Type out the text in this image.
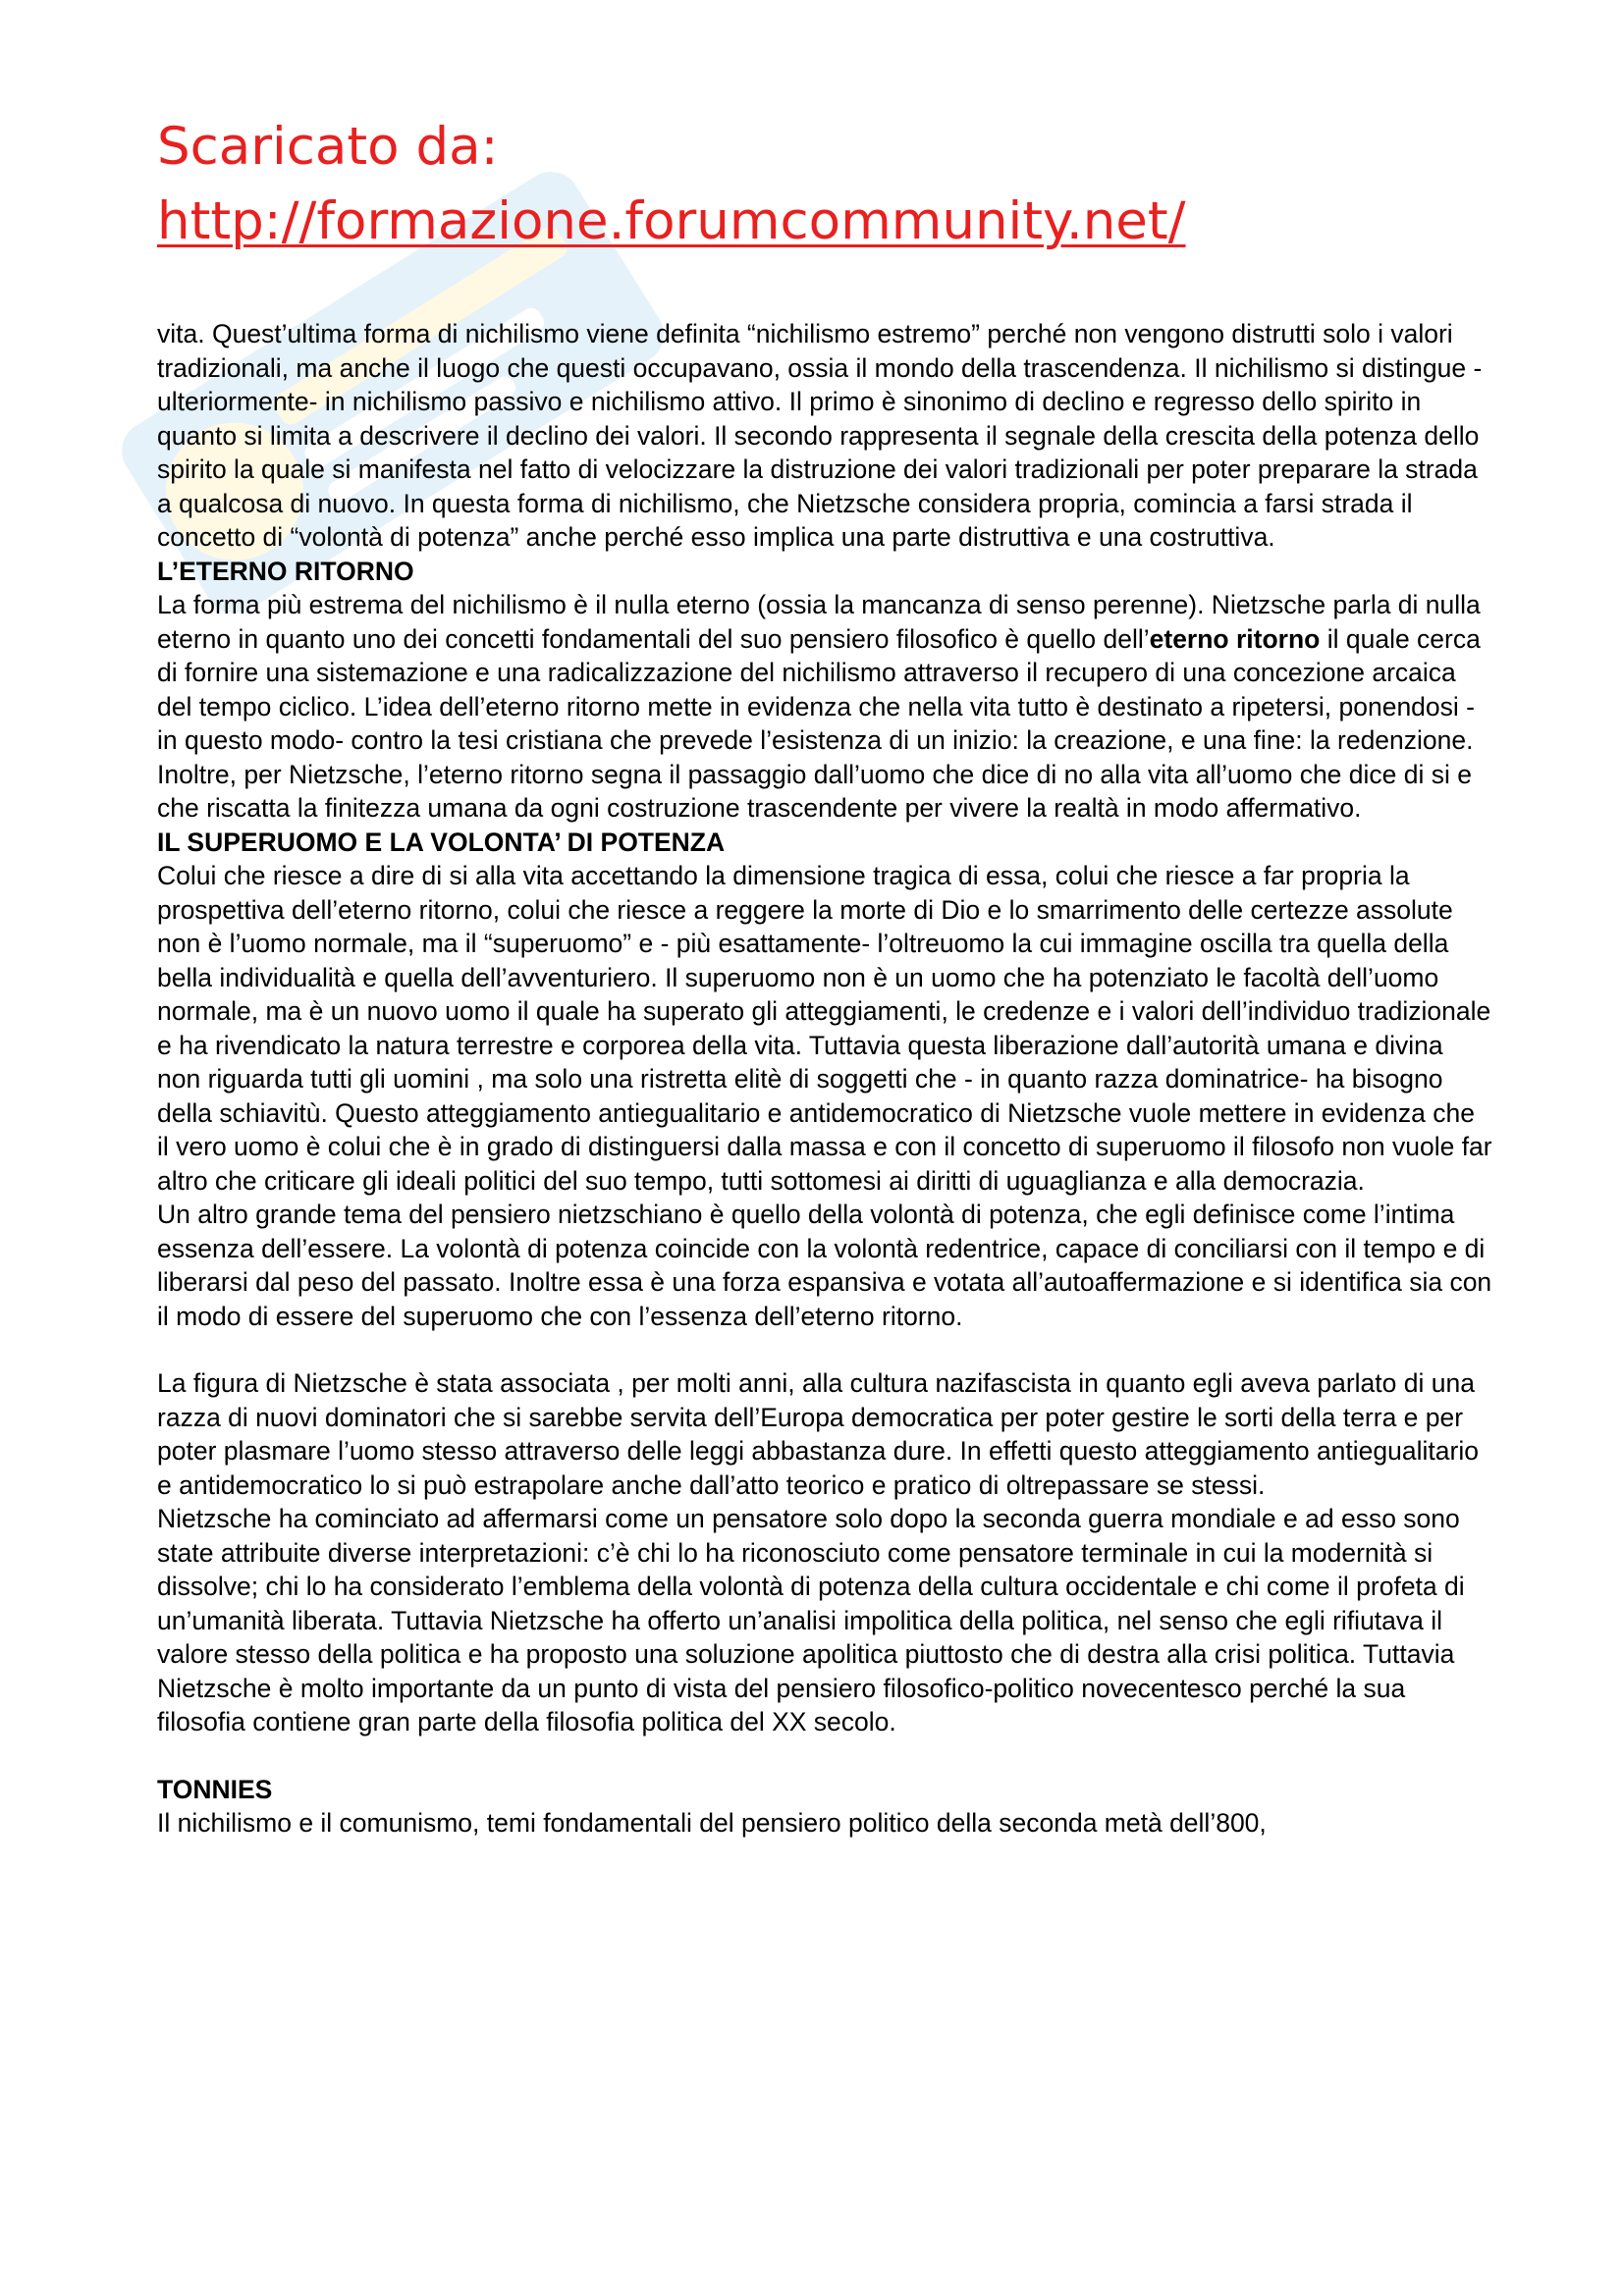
Scaricato da:
http://formazione.forumcommunity.net/

vita. Quest’ultima forma di nichilismo viene definita “nichilismo estremo” perché non vengono distrutti solo i valori tradizionali, ma anche il luogo che questi occupavano, ossia il mondo della trascendenza. Il nichilismo si distingue - ulteriormente- in nichilismo passivo e nichilismo attivo. Il primo è sinonimo di declino e regresso dello spirito in quanto si limita a descrivere il declino dei valori. Il secondo rappresenta il segnale della crescita della potenza dello spirito la quale si manifesta nel fatto di velocizzare la distruzione dei valori tradizionali per poter preparare la strada a qualcosa di nuovo. In questa forma di nichilismo, che Nietzsche considera propria, comincia a farsi strada il concetto di “volontà di potenza” anche perché esso implica una parte distruttiva e una costruttiva.

L’ETERNO RITORNO

La forma più estrema del nichilismo è il nulla eterno (ossia la mancanza di senso perenne). Nietzsche parla di nulla eterno in quanto uno dei concetti fondamentali del suo pensiero filosofico è quello dell’eterno ritorno il quale cerca di fornire una sistemazione e una radicalizzazione del nichilismo attraverso il recupero di una concezione arcaica del tempo ciclico. L’idea dell’eterno ritorno mette in evidenza che nella vita tutto è destinato a ripetersi, ponendosi - in questo modo- contro la tesi cristiana che prevede l’esistenza di un inizio: la creazione, e una fine: la redenzione. Inoltre, per Nietzsche, l’eterno ritorno segna il passaggio dall’uomo che dice di no alla vita all’uomo che dice di si e che riscatta la finitezza umana da ogni costruzione trascendente per vivere la realtà in modo affermativo.

IL SUPERUOMO E LA VOLONTA’ DI POTENZA

Colui che riesce a dire di si alla vita accettando la dimensione tragica di essa, colui che riesce a far propria la prospettiva dell’eterno ritorno, colui che riesce a reggere la morte di Dio e lo smarrimento delle certezze assolute non è l’uomo normale, ma il “superuomo” e - più esattamente- l’oltreuomo la cui immagine oscilla tra quella della bella individualità e quella dell’avventuriero. Il superuomo non è un uomo che ha potenziato le facoltà dell’uomo normale, ma è un nuovo uomo il quale ha superato gli atteggiamenti, le credenze e i valori dell’individuo tradizionale e ha rivendicato la natura terrestre e corporea della vita. Tuttavia questa liberazione dall’autorità umana e divina non riguarda tutti gli uomini , ma solo una ristretta elitè di soggetti che - in quanto razza dominatrice- ha bisogno della schiavitù. Questo atteggiamento antiegualitario e antidemocratico di Nietzsche vuole mettere in evidenza che il vero uomo è colui che è in grado di distinguersi dalla massa e con il concetto di superuomo il filosofo non vuole far altro che criticare gli ideali politici del suo tempo, tutti sottomesi ai diritti di uguaglianza e alla democrazia.

Un altro grande tema del pensiero nietzschiano è quello della volontà di potenza, che egli definisce come l’intima essenza dell’essere. La volontà di potenza coincide con la volontà redentrice, capace di conciliarsi con il tempo e di liberarsi dal peso del passato. Inoltre essa è una forza espansiva e votata all’autoaffermazione e si identifica sia con il modo di essere del superuomo che con l’essenza dell’eterno ritorno.

La figura di Nietzsche è stata associata , per molti anni, alla cultura nazifascista in quanto egli aveva parlato di una razza di nuovi dominatori che si sarebbe servita dell’Europa democratica per poter gestire le sorti della terra e per poter plasmare l’uomo stesso attraverso delle leggi abbastanza dure. In effetti questo atteggiamento antiegualitario e antidemocratico lo si può estrapolare anche dall’atto teorico e pratico di oltrepassare se stessi.

Nietzsche ha cominciato ad affermarsi come un pensatore solo dopo la seconda guerra mondiale e ad esso sono state attribuite diverse interpretazioni: c’è chi lo ha riconosciuto come pensatore terminale in cui la modernità si dissolve; chi lo ha considerato l’emblema della volontà di potenza della cultura occidentale e chi come il profeta di un’umanità liberata. Tuttavia Nietzsche ha offerto un’analisi impolitica della politica, nel senso che egli rifiutava il valore stesso della politica e ha proposto una soluzione apolitica piuttosto che di destra alla crisi politica. Tuttavia Nietzsche è molto importante da un punto di vista del pensiero filosofico-politico novecentesco perché la sua filosofia contiene gran parte della filosofia politica del XX secolo.

TONNIES

Il nichilismo e il comunismo, temi fondamentali del pensiero politico della seconda metà dell’800,
